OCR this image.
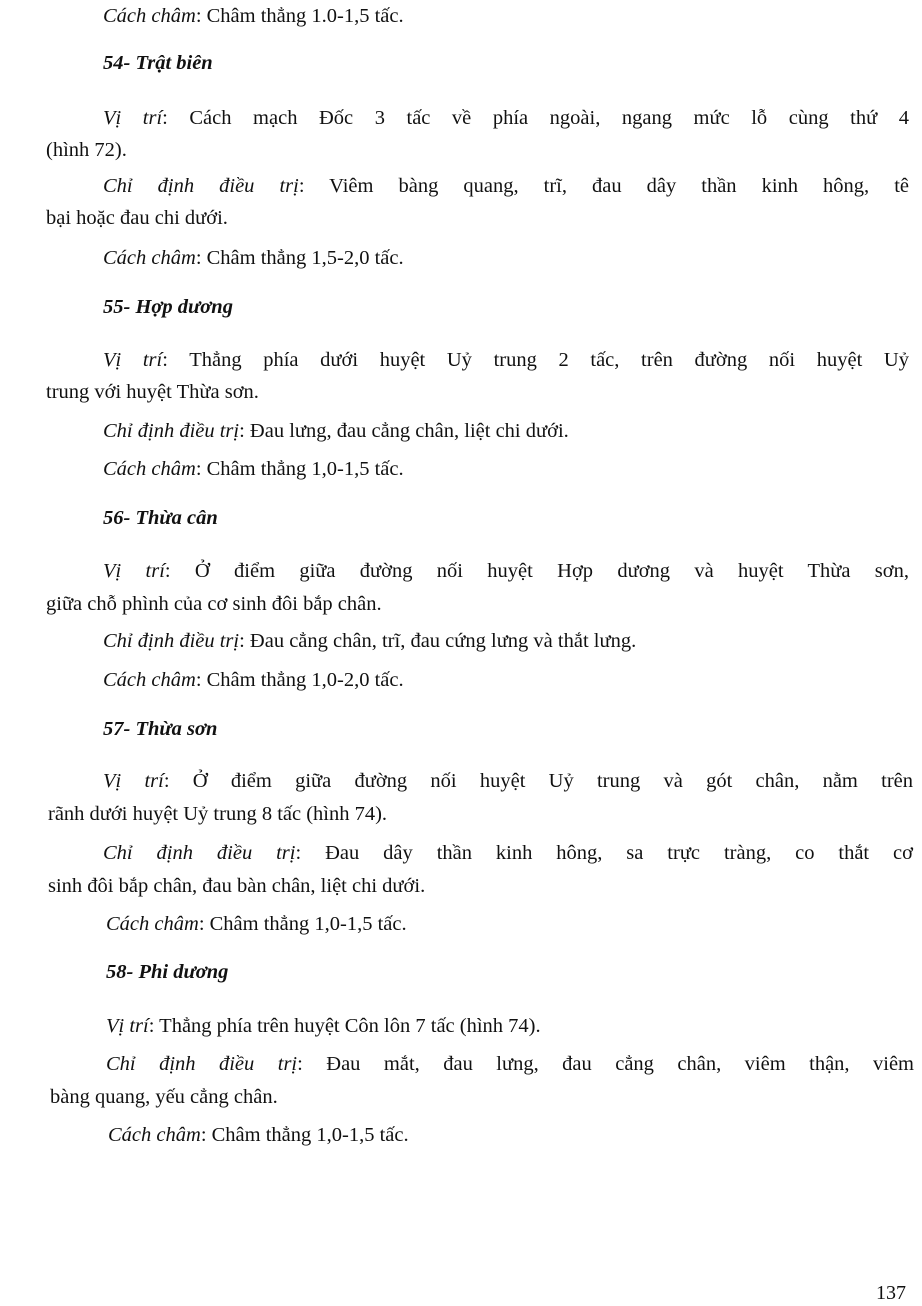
Cách châm: Châm thẳng 1.0-1,5 tấc.
54- Trật biên
Vị trí: Cách mạch Đốc 3 tấc về phía ngoài, ngang mức lỗ cùng thứ 4
(hình 72).
Chỉ định điều trị: Viêm bàng quang, trĩ, đau dây thần kinh hông, tê
bại hoặc đau chi dưới.
Cách châm: Châm thẳng 1,5-2,0 tấc.
55- Hợp dương
Vị trí: Thẳng phía dưới huyệt Uỷ trung 2 tấc, trên đường nối huyệt Uỷ
trung với huyệt Thừa sơn.
Chỉ định điều trị: Đau lưng, đau cẳng chân, liệt chi dưới.
Cách châm: Châm thẳng 1,0-1,5 tấc.
56- Thừa cân
Vị trí: Ở điểm giữa đường nối huyệt Hợp dương và huyệt Thừa sơn,
giữa chỗ phình của cơ sinh đôi bắp chân.
Chỉ định điều trị: Đau cẳng chân, trĩ, đau cứng lưng và thắt lưng.
Cách châm: Châm thẳng 1,0-2,0 tấc.
57- Thừa sơn
Vị trí: Ở điểm giữa đường nối huyệt Uỷ trung và gót chân, nằm trên
rãnh dưới huyệt Uỷ trung 8 tấc (hình 74).
Chỉ định điều trị: Đau dây thần kinh hông, sa trực tràng, co thắt cơ
sinh đôi bắp chân, đau bàn chân, liệt chi dưới.
Cách châm: Châm thẳng 1,0-1,5 tấc.
58- Phi dương
Vị trí: Thẳng phía trên huyệt Côn lôn 7 tấc (hình 74).
Chỉ định điều trị: Đau mắt, đau lưng, đau cẳng chân, viêm thận, viêm
bàng quang, yếu cẳng chân.
Cách châm: Châm thẳng 1,0-1,5 tấc.
137
